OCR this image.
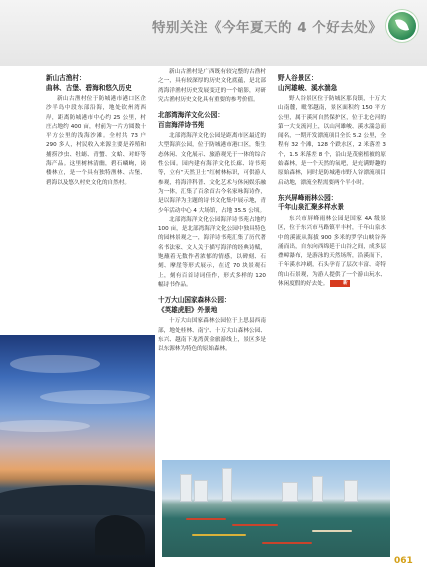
特别关注《今年夏天的 4 个好去处》
新山古渔村：
曲林、古堡、碧海和悠久历史

新山古渔村位于防城港市港口区企沙半岛中段东部沿海，地处钦州湾西岸，距离防城港市中心约 25 公里，村庄占地约 400 亩，村前为一片方圆数十平方公里的浅海沙滩。全村共 73 户 290 多人，村民收入来源主要是养殖和捕捞沙虫、牡蛎、青蟹、文蛤、对虾等海产品。这里树林清幽，碧石嶙峋，岗楼林立，是一个具有独特渔林、古堡、碧海以及悠久村史文化的自然村。

新山古渔村是广西既有较完整的古渔村之一，具有较深厚的历史文化底蕴，是北部湾海洋渔村历史发展变迁的一个缩影，对研究古渔村历史文化具有重要的参考价值。

北部湾海洋文化公园：
百亩海洋诗书苑

北部湾海洋文化公园是距离市区最近的大型海滨公园，位于防城港市港口区，集生态休闲、文化展示、旅游观光于一体的综合性公园。园内建有海洋文化长廊、诗书苑等，立有“天然卫士”红树林标识，可供游人参观，将海洋科普、文化艺术与休闲娱乐融为一体，汇集了百余首古今名家咏海诗作，是以海洋为主题的诗书文化集中展示地，青少年活动中心 4 大场馆，占地 35.5 公顷。

北部湾海洋文化公园海洋诗书苑占地约 100 亩，是北部湾海洋文化公园中独具特色的园林景观之一，海洋诗书苑汇集了历代著名书法家、文人关于描写海洋的经典诗赋，饱蘸着无数作者浓郁的情感，以碑刻、石刻、摩崖等形式展示，在近 70 块景观石上，刻有百首诗词佳作，形式多样的 120 幅诗书作品。

十万大山国家森林公园：
《英雄虎胆》外景地

十万大山国家森林公园位于上思县西南部，地处桂林、南宁、十万大山森林公园、东兴、越南下龙湾黄金旅游线上，景区多是以东源林为特色的原始森林。

野人谷景区：
山河雄峻、溪水湍急

野人谷景区位于防城区那良镇，十万大山南麓，毗邻越南，景区面积约 150 平方公里，属于溪河自然保护区，位于北仑河的第一大支流河上，以山河雄峻、溪水湍急而闻名，一期开发漂流项目全长 5.2 公里，全程有 32 个滩，128 个跌水区，2 米落差 3 个，1.5 米落差 8 个，沿山是茂密植被的原始森林，是一个天然的氧吧，是充满野趣的原始森林，同时是防城港市野人谷漂流项目启动地，漂流全程需要两个半小时。

东兴屏峰雨林公园：
千年山泉汇聚多样水景

东兴市屏峰雨林公园是国家 4A 级景区，位于东兴市马路镇平丰村，千年山泉水中的溪流从海拔 900 多米的罗学山峡谷奔涌而出，自东向西绵延于山谷之间，成多层叠嶂瀑布，是游泳的天然场所，沿溪而下，千年溪水冲刷，石头孕育了层次丰富、奇特的山石景观，为游人提供了一个游山玩水、休闲度假的好去处。	新

061
